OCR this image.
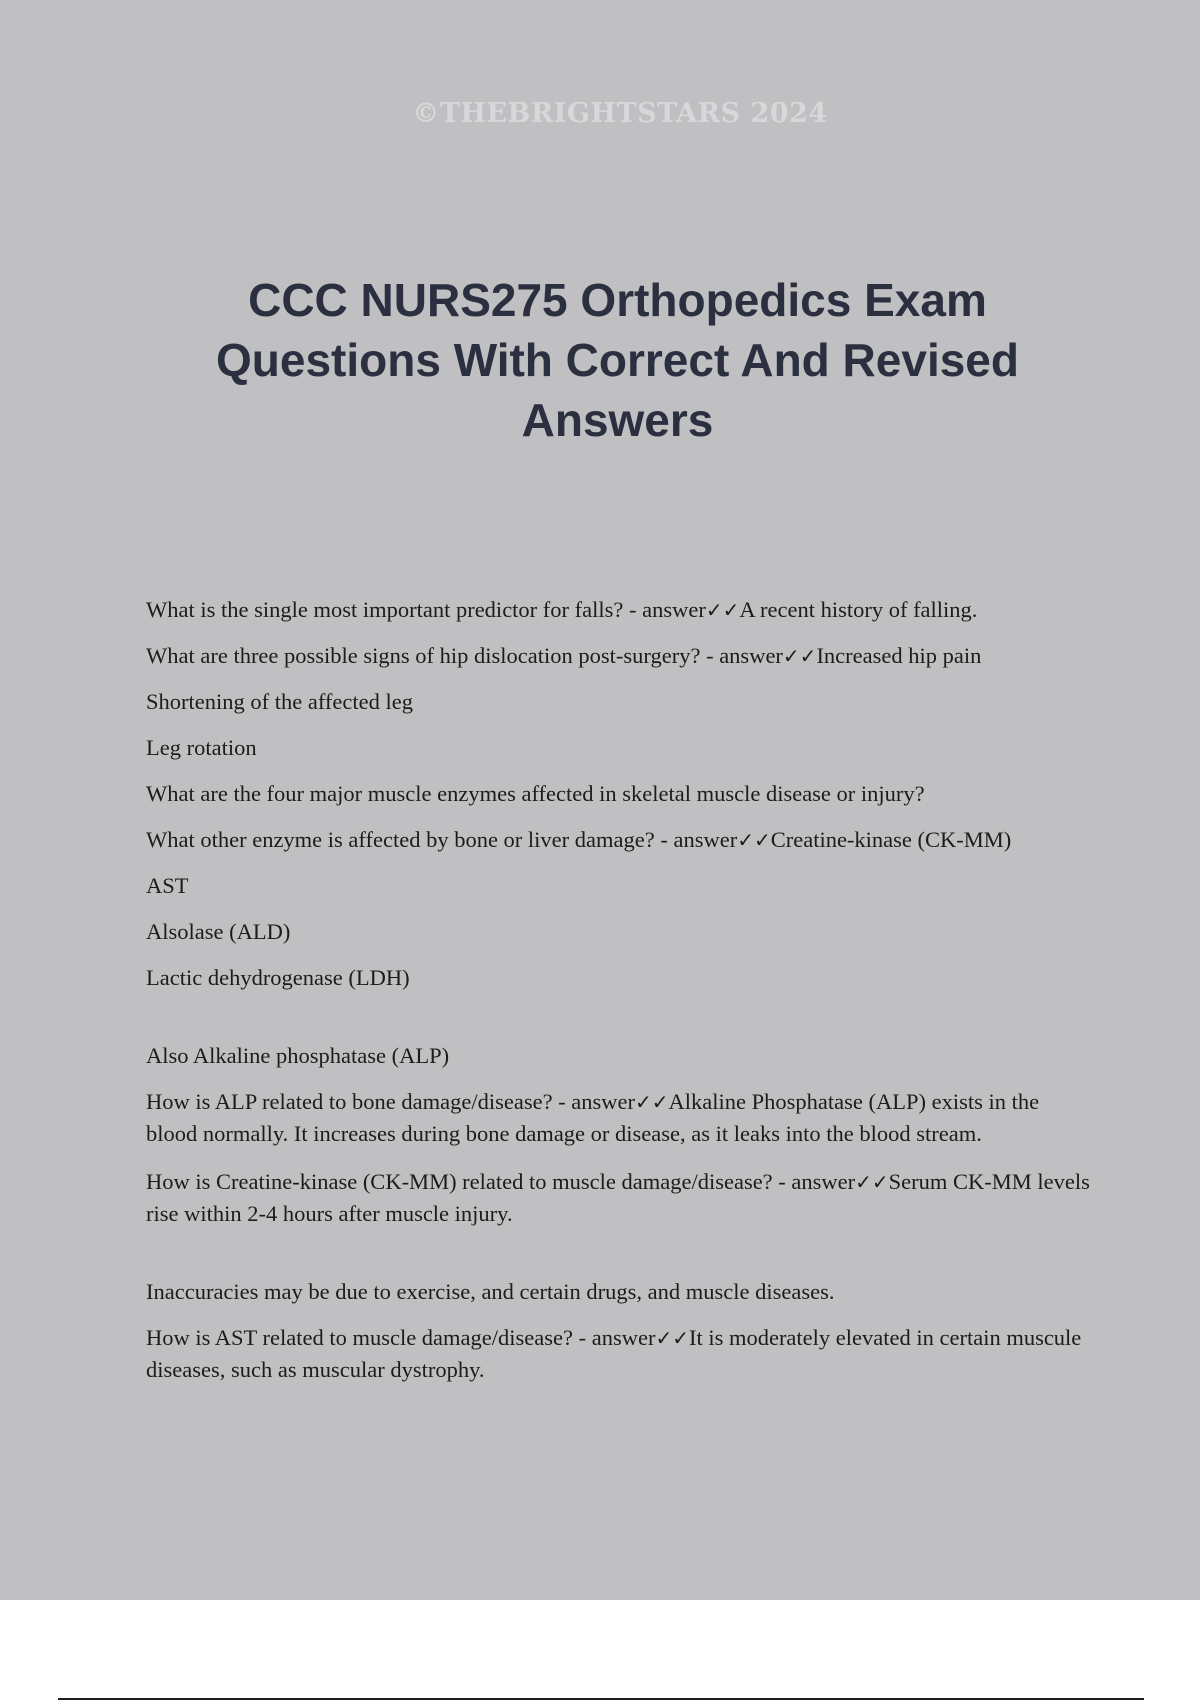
©THEBRIGHTSTARS 2024
CCC NURS275 Orthopedics Exam Questions With Correct And Revised Answers

What is the single most important predictor for falls? - answer✓✓A recent history of falling.

What are three possible signs of hip dislocation post-surgery? - answer✓✓Increased hip pain

Shortening of the affected leg

Leg rotation

What are the four major muscle enzymes affected in skeletal muscle disease or injury?

What other enzyme is affected by bone or liver damage? - answer✓✓Creatine-kinase (CK-MM)

AST

Alsolase (ALD)

Lactic dehydrogenase (LDH)

Also Alkaline phosphatase (ALP)

How is ALP related to bone damage/disease? - answer✓✓Alkaline Phosphatase (ALP) exists in the blood normally. It increases during bone damage or disease, as it leaks into the blood stream.

How is Creatine-kinase (CK-MM) related to muscle damage/disease? - answer✓✓Serum CK-MM levels rise within 2-4 hours after muscle injury.

Inaccuracies may be due to exercise, and certain drugs, and muscle diseases.

How is AST related to muscle damage/disease? - answer✓✓It is moderately elevated in certain muscule diseases, such as muscular dystrophy.
